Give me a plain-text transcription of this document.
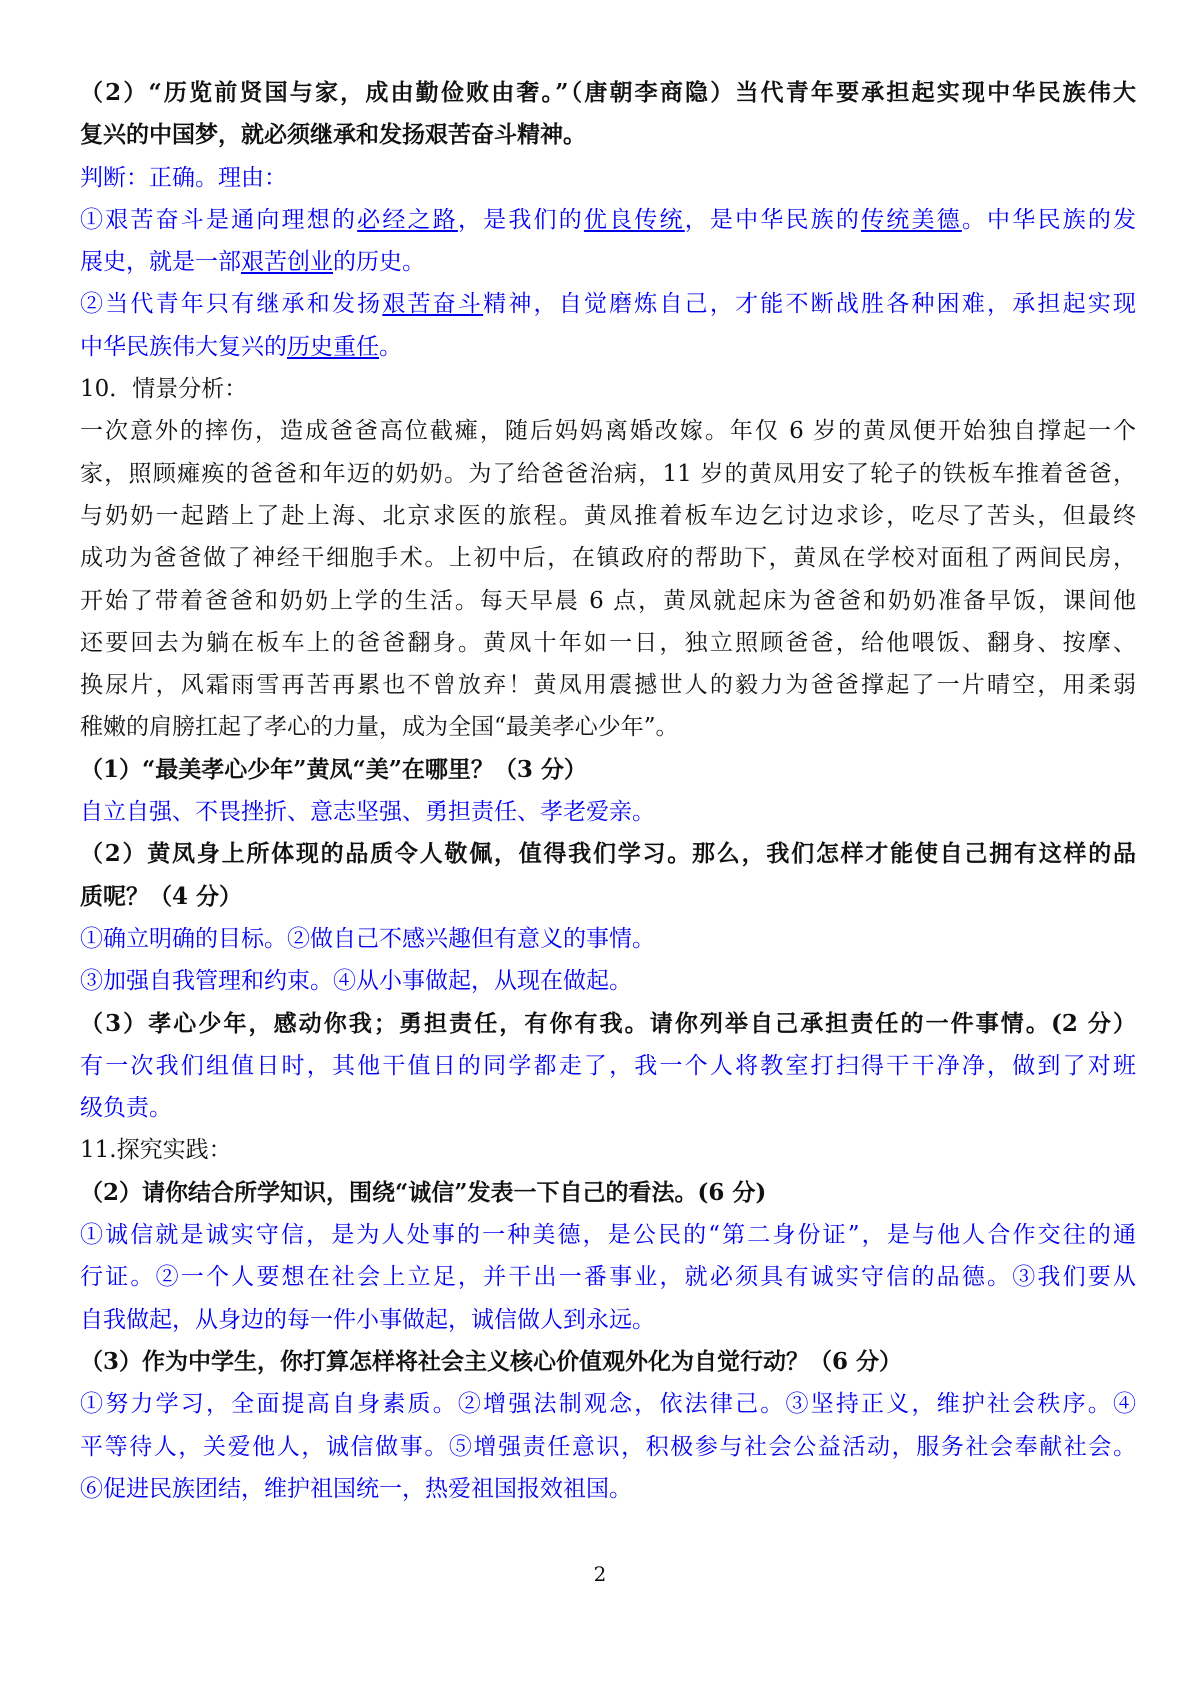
（2）“历览前贤国与家，成由勤俭败由奢。”（唐朝李商隐）当代青年要承担起实现中华民族伟大
复兴的中国梦，就必须继承和发扬艰苦奋斗精神。
判断：正确。理由：
①艰苦奋斗是通向理想的必经之路，是我们的优良传统，是中华民族的传统美德。中华民族的发
展史，就是一部艰苦创业的历史。
②当代青年只有继承和发扬艰苦奋斗精神，自觉磨炼自己，才能不断战胜各种困难，承担起实现
中华民族伟大复兴的历史重任。
10．情景分析：
一次意外的摔伤，造成爸爸高位截瘫，随后妈妈离婚改嫁。年仅 6 岁的黄凤便开始独自撑起一个
家，照顾瘫痪的爸爸和年迈的奶奶。为了给爸爸治病，11 岁的黄凤用安了轮子的铁板车推着爸爸，
与奶奶一起踏上了赴上海、北京求医的旅程。黄凤推着板车边乞讨边求诊，吃尽了苦头，但最终
成功为爸爸做了神经干细胞手术。上初中后，在镇政府的帮助下，黄凤在学校对面租了两间民房，
开始了带着爸爸和奶奶上学的生活。每天早晨 6 点，黄凤就起床为爸爸和奶奶准备早饭，课间他
还要回去为躺在板车上的爸爸翻身。黄凤十年如一日，独立照顾爸爸，给他喂饭、翻身、按摩、
换尿片，风霜雨雪再苦再累也不曾放弃！黄凤用震撼世人的毅力为爸爸撑起了一片晴空，用柔弱
稚嫩的肩膀扛起了孝心的力量，成为全国“最美孝心少年”。
（1）“最美孝心少年”黄凤“美”在哪里？（3 分）
自立自强、不畏挫折、意志坚强、勇担责任、孝老爱亲。
（2）黄凤身上所体现的品质令人敬佩，值得我们学习。那么，我们怎样才能使自己拥有这样的品
质呢？（4 分）
①确立明确的目标。②做自己不感兴趣但有意义的事情。
③加强自我管理和约束。④从小事做起，从现在做起。
（3）孝心少年，感动你我；勇担责任，有你有我。请你列举自己承担责任的一件事情。(2 分）
有一次我们组值日时，其他干值日的同学都走了，我一个人将教室打扫得干干净净，做到了对班
级负责。
11.探究实践：
（2）请你结合所学知识，围绕“诚信”发表一下自己的看法。(6 分)
①诚信就是诚实守信，是为人处事的一种美德，是公民的“第二身份证”，是与他人合作交往的通
行证。②一个人要想在社会上立足，并干出一番事业，就必须具有诚实守信的品德。③我们要从
自我做起，从身边的每一件小事做起，诚信做人到永远。
（3）作为中学生，你打算怎样将社会主义核心价值观外化为自觉行动？（6 分）
①努力学习，全面提高自身素质。②增强法制观念，依法律己。③坚持正义，维护社会秩序。④
平等待人，关爱他人，诚信做事。⑤增强责任意识，积极参与社会公益活动，服务社会奉献社会。
⑥促进民族团结，维护祖国统一，热爱祖国报效祖国。
2
